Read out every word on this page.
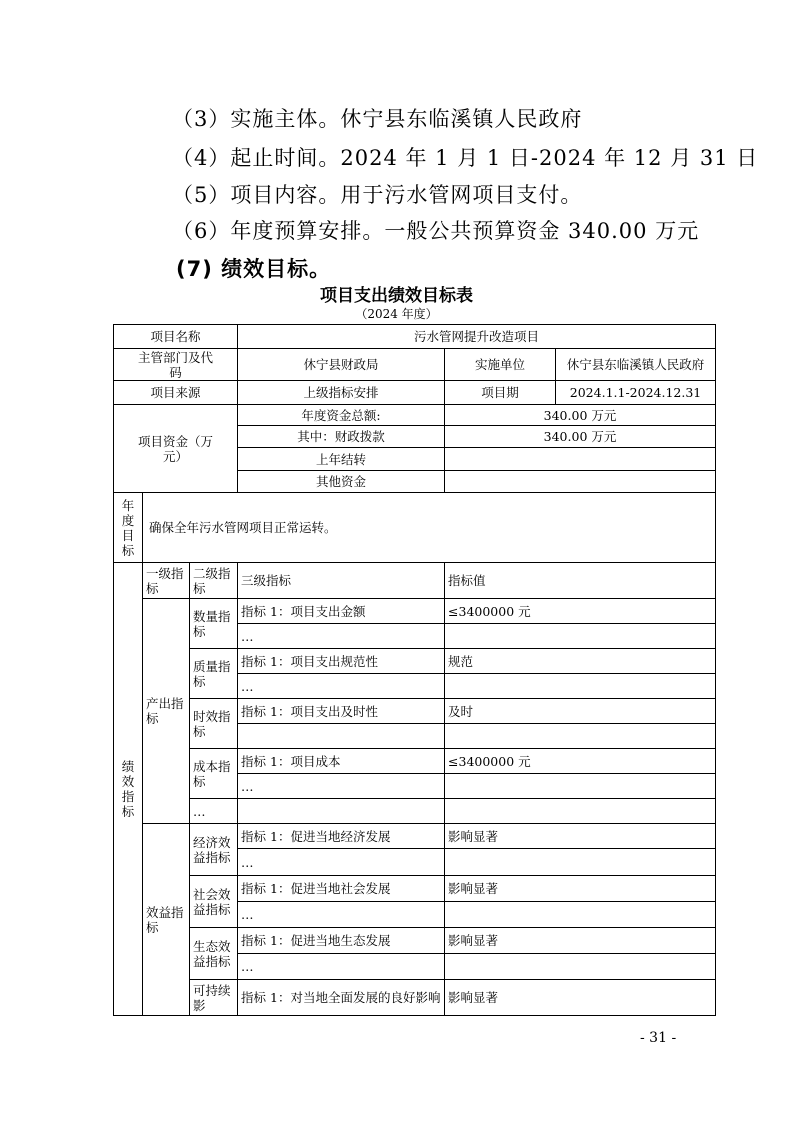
（3）实施主体。休宁县东临溪镇人民政府
（4）起止时间。2024 年 1 月 1 日-2024 年 12 月 31 日
（5）项目内容。用于污水管网项目支付。
（6）年度预算安排。一般公共预算资金 340.00 万元
(7) 绩效目标。
项目支出绩效目标表
（2024 年度）
项目名称			污水管网提升改造项目		
主管部门及代码			休宁县财政局	实施单位	休宁县东临溪镇人民政府
项目来源			上级指标安排	项目期	2024.1.1-2024.12.31
项目资金（万元）			年度资金总额:	340.00 万元	
			其中：财政拨款	340.00 万元	
			上年结转		
			其他资金		
年度目标	确保全年污水管网项目正常运转。				
绩效指标	一级指标	二级指标	三级指标	指标值	
	产出指标	数量指标	指标 1：项目支出金额	≤3400000 元	
			…		
		质量指标	指标 1：项目支出规范性	规范	
			…		
		时效指标	指标 1：项目支出及时性	及时	

		成本指标	指标 1：项目成本	≤3400000 元	
			…		
		…			
	效益指标	经济效益指标	指标 1：促进当地经济发展	影响显著	
			…		
		社会效益指标	指标 1：促进当地社会发展	影响显著	
			…		
		生态效益指标	指标 1：促进当地生态发展	影响显著	
			…		
		可持续影	指标 1：对当地全面发展的良好影响	影响显著	
- 31 -
